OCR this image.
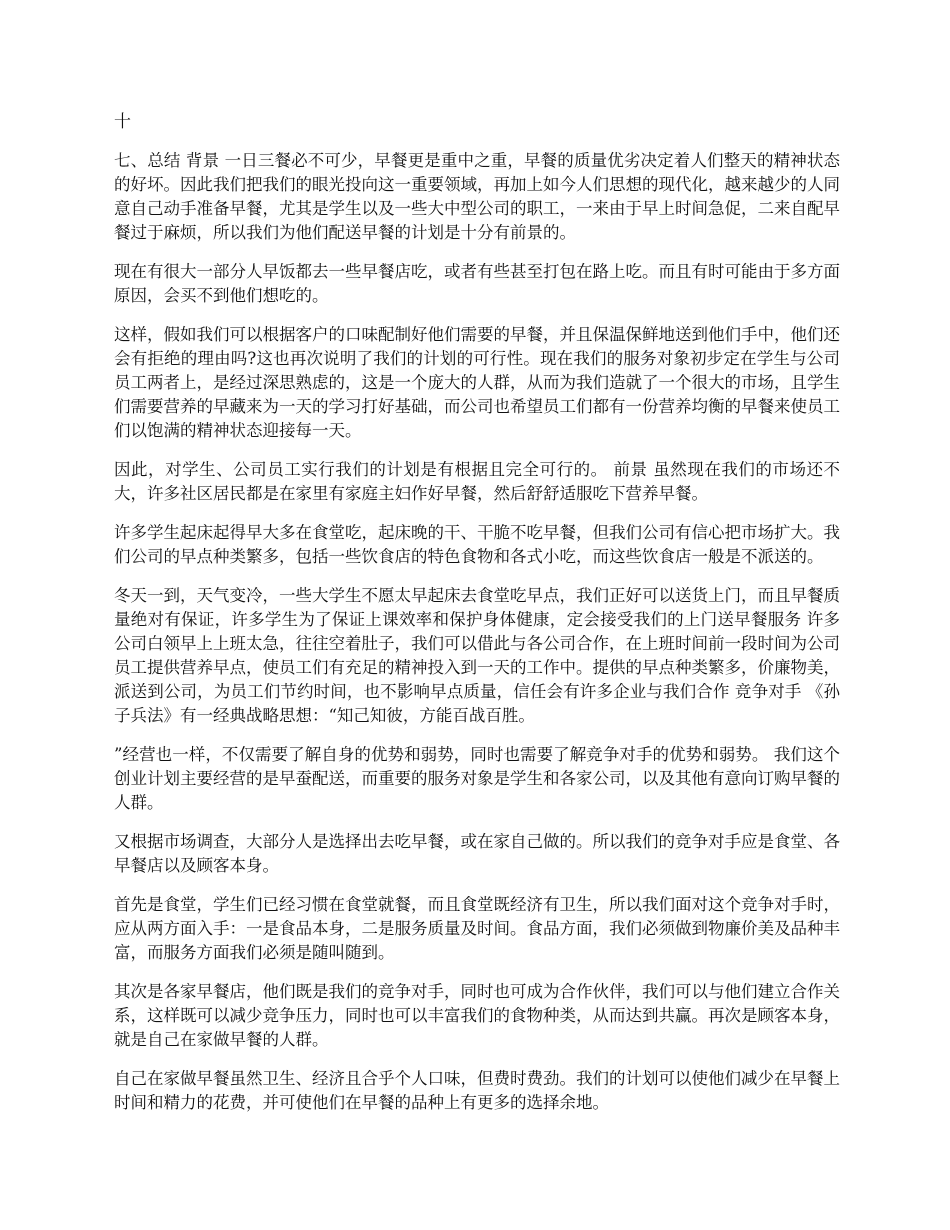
十

七、总结 背景 一日三餐必不可少，早餐更是重中之重，早餐的质量优劣决定着人们整天的精神状态的好坏。因此我们把我们的眼光投向这一重要领域，再加上如今人们思想的现代化，越来越少的人同意自己动手准备早餐，尤其是学生以及一些大中型公司的职工，一来由于早上时间急促，二来自配早餐过于麻烦，所以我们为他们配送早餐的计划是十分有前景的。

现在有很大一部分人早饭都去一些早餐店吃，或者有些甚至打包在路上吃。而且有时可能由于多方面原因，会买不到他们想吃的。

这样，假如我们可以根据客户的口味配制好他们需要的早餐，并且保温保鲜地送到他们手中，他们还会有拒绝的理由吗?这也再次说明了我们的计划的可行性。现在我们的服务对象初步定在学生与公司员工两者上，是经过深思熟虑的，这是一个庞大的人群，从而为我们造就了一个很大的市场，且学生们需要营养的早藏来为一天的学习打好基础，而公司也希望员工们都有一份营养均衡的早餐来使员工们以饱满的精神状态迎接每一天。

因此，对学生、公司员工实行我们的计划是有根据且完全可行的。 前景 虽然现在我们的市场还不大，许多社区居民都是在家里有家庭主妇作好早餐，然后舒舒适服吃下营养早餐。

许多学生起床起得早大多在食堂吃，起床晚的干、干脆不吃早餐，但我们公司有信心把市场扩大。我们公司的早点种类繁多，包括一些饮食店的特色食物和各式小吃，而这些饮食店一般是不派送的。

冬天一到，天气变冷，一些大学生不愿太早起床去食堂吃早点，我们正好可以送货上门，而且早餐质量绝对有保证，许多学生为了保证上课效率和保护身体健康，定会接受我们的上门送早餐服务 许多公司白领早上上班太急，往往空着肚子，我们可以借此与各公司合作，在上班时间前一段时间为公司员工提供营养早点，使员工们有充足的精神投入到一天的工作中。提供的早点种类繁多，价廉物美，派送到公司，为员工们节约时间，也不影响早点质量，信任会有许多企业与我们合作 竞争对手 《孙子兵法》有一经典战略思想：“知己知彼，方能百战百胜。

”经营也一样，不仅需要了解自身的优势和弱势，同时也需要了解竞争对手的优势和弱势。 我们这个创业计划主要经营的是早蚕配送，而重要的服务对象是学生和各家公司，以及其他有意向订购早餐的人群。

又根据市场调查，大部分人是选择出去吃早餐，或在家自己做的。所以我们的竞争对手应是食堂、各早餐店以及顾客本身。

首先是食堂，学生们已经习惯在食堂就餐，而且食堂既经济有卫生，所以我们面对这个竞争对手时，应从两方面入手：一是食品本身，二是服务质量及时间。食品方面，我们必须做到物廉价美及品种丰富，而服务方面我们必须是随叫随到。

其次是各家早餐店，他们既是我们的竞争对手，同时也可成为合作伙伴，我们可以与他们建立合作关系，这样既可以减少竞争压力，同时也可以丰富我们的食物种类，从而达到共赢。再次是顾客本身，就是自己在家做早餐的人群。

自己在家做早餐虽然卫生、经济且合乎个人口味，但费时费劲。我们的计划可以使他们减少在早餐上时间和精力的花费，并可使他们在早餐的品种上有更多的选择余地。
